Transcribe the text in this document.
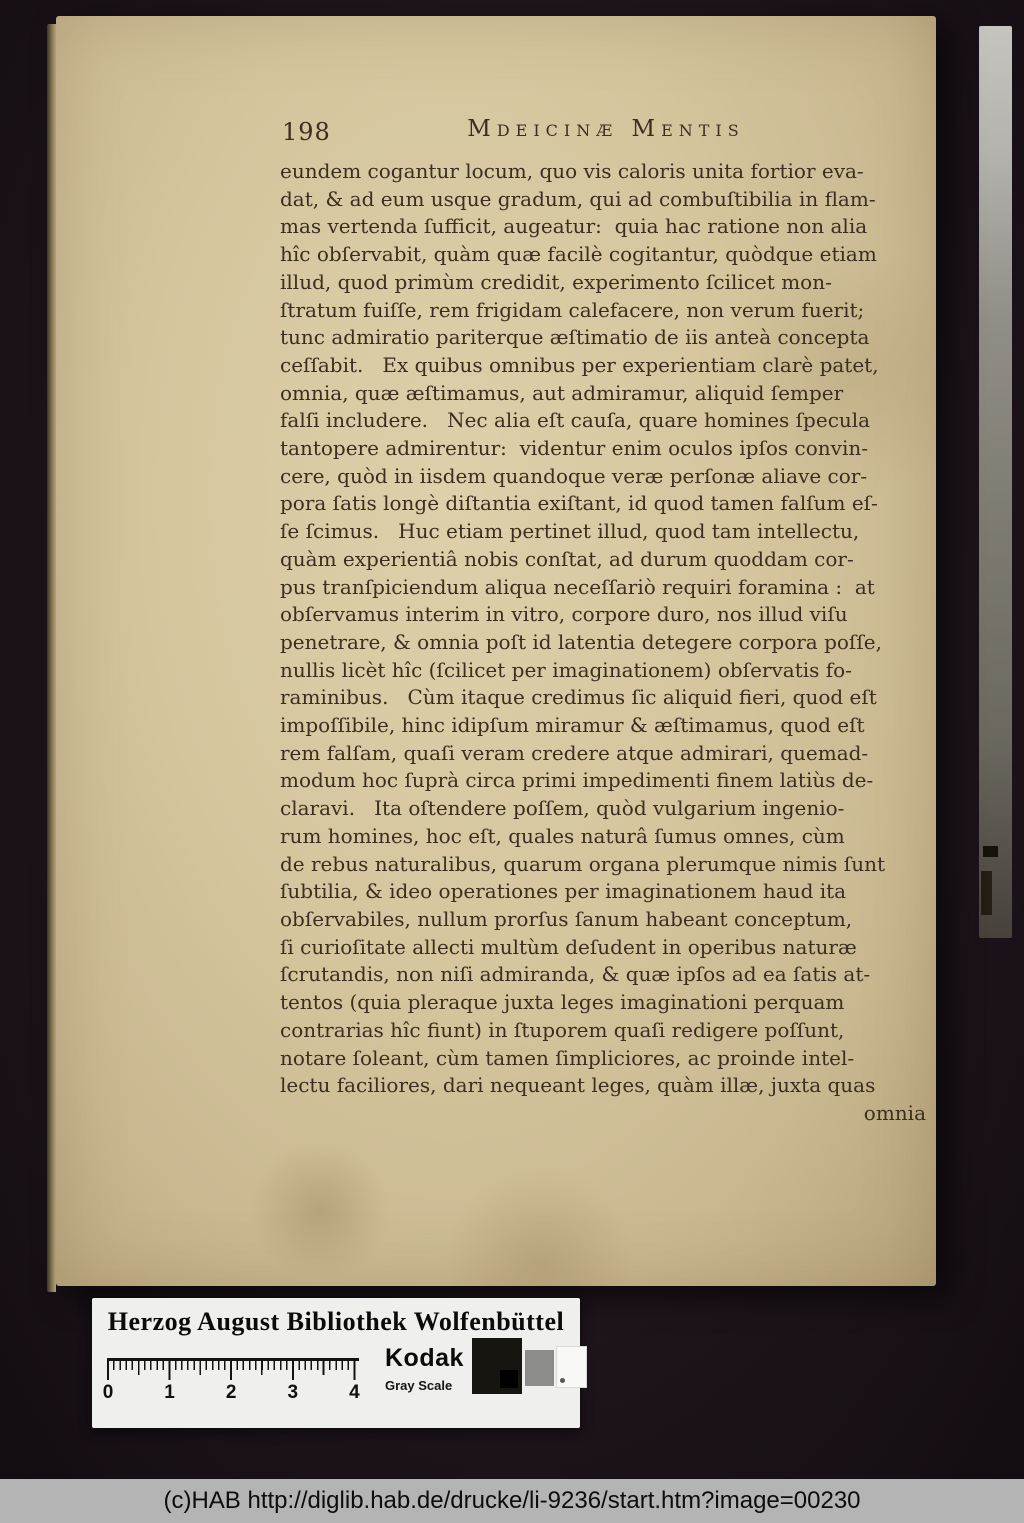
198	Mdeicinæ Mentis
eundem cogantur locum, quo vis caloris unita fortior eva-
dat, & ad eum usque gradum, qui ad combuſtibilia in flam-
mas vertenda ſufficit, augeatur:  quia hac ratione non alia
hîc obſervabit, quàm quæ facilè cogitantur, quòdque etiam
illud, quod primùm credidit, experimento ſcilicet mon-
ſtratum fuiſſe, rem frigidam calefacere, non verum fuerit;
tunc admiratio pariterque æſtimatio de iis anteà concepta
ceſſabit.   Ex quibus omnibus per experientiam clarè patet,
omnia, quæ æſtimamus, aut admiramur, aliquid ſemper
falſi includere.   Nec alia eſt cauſa, quare homines ſpecula
tantopere admirentur:  videntur enim oculos ipſos convin-
cere, quòd in iisdem quandoque veræ perſonæ aliave cor-
pora ſatis longè diſtantia exiſtant, id quod tamen falſum eſ-
ſe ſcimus.   Huc etiam pertinet illud, quod tam intellectu,
quàm experientiâ nobis conſtat, ad durum quoddam cor-
pus tranſpiciendum aliqua neceſſariò requiri foramina :  at
obſervamus interim in vitro, corpore duro, nos illud viſu
penetrare, & omnia poſt id latentia detegere corpora poſſe,
nullis licèt hîc (ſcilicet per imaginationem) obſervatis fo-
raminibus.   Cùm itaque credimus ſic aliquid fieri, quod eſt
impoſſibile, hinc idipſum miramur & æſtimamus, quod eſt
rem falſam, quaſi veram credere atque admirari, quemad-
modum hoc ſuprà circa primi impedimenti finem latiùs de-
claravi.   Ita oſtendere poſſem, quòd vulgarium ingenio-
rum homines, hoc eſt, quales naturâ ſumus omnes, cùm
de rebus naturalibus, quarum organa plerumque nimis ſunt
ſubtilia, & ideo operationes per imaginationem haud ita
obſervabiles, nullum prorſus ſanum habeant conceptum,
ſi curioſitate allecti multùm deſudent in operibus naturæ
ſcrutandis, non niſi admiranda, & quæ ipſos ad ea ſatis at-
tentos (quia pleraque juxta leges imaginationi perquam
contrarias hîc fiunt) in ſtuporem quaſi redigere poſſunt,
notare ſoleant, cùm tamen ſimpliciores, ac proinde intel-
lectu faciliores, dari nequeant leges, quàm illæ, juxta quas
omnia
Herzog August Bibliothek Wolfenbüttel
0	1	2	3	4
Kodak
Gray Scale
(c)HAB http://diglib.hab.de/drucke/li-9236/start.htm?image=00230
